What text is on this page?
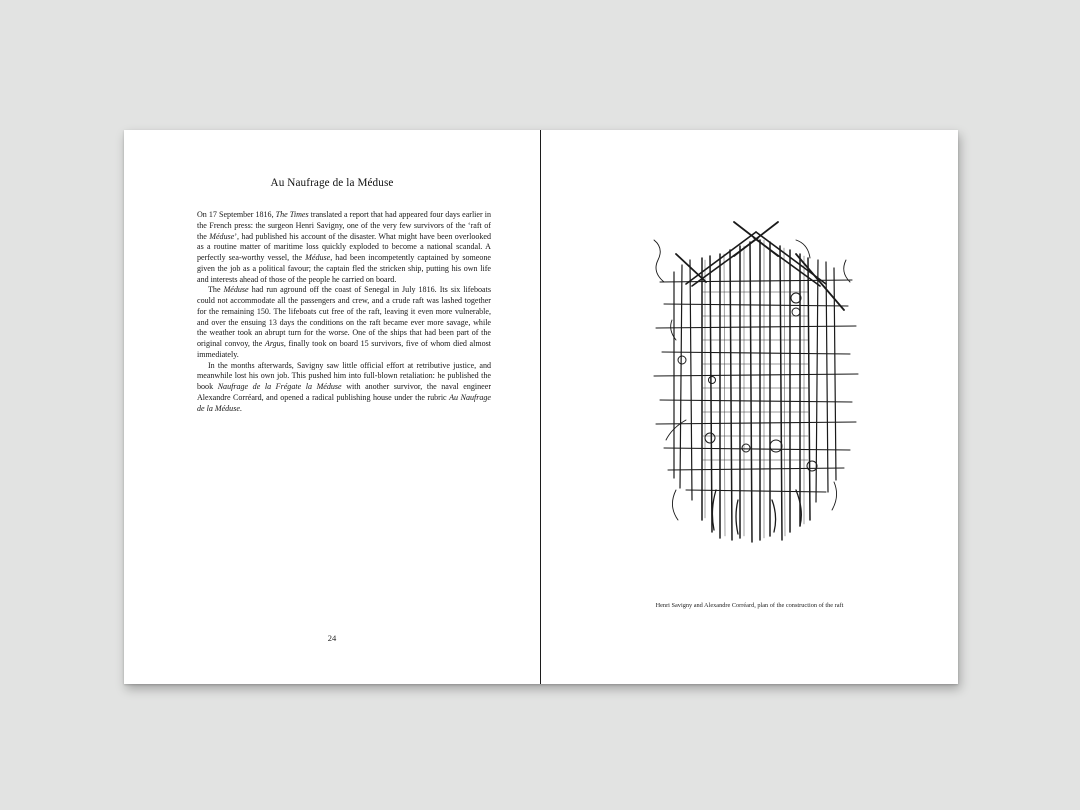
Au Naufrage de la Méduse

On 17 September 1816, The Times translated a report that had appeared four days earlier in the French press: the surgeon Henri Savigny, one of the very few survivors of the ‘raft of the Méduse’, had published his account of the disaster. What might have been overlooked as a routine matter of maritime loss quickly exploded to become a national scandal. A perfectly sea-worthy vessel, the Méduse, had been incompetently captained by someone given the job as a political favour; the captain fled the stricken ship, putting his own life and interests ahead of those of the people he carried on board.

The Méduse had run aground off the coast of Senegal in July 1816. Its six lifeboats could not accommodate all the passengers and crew, and a crude raft was lashed together for the remaining 150. The lifeboats cut free of the raft, leaving it even more vulnerable, and over the ensuing 13 days the conditions on the raft became ever more savage, while the weather took an abrupt turn for the worse. One of the ships that had been part of the original convoy, the Argus, finally took on board 15 survivors, five of whom died almost immediately.

In the months afterwards, Savigny saw little official effort at retributive justice, and meanwhile lost his own job. This pushed him into full-blown retaliation: he published the book Naufrage de la Frégate la Méduse with another survivor, the naval engineer Alexandre Corréard, and opened a radical publishing house under the rubric Au Naufrage de la Méduse.

24
Henri Savigny and Alexandre Corréard, plan of the construction of the raft
